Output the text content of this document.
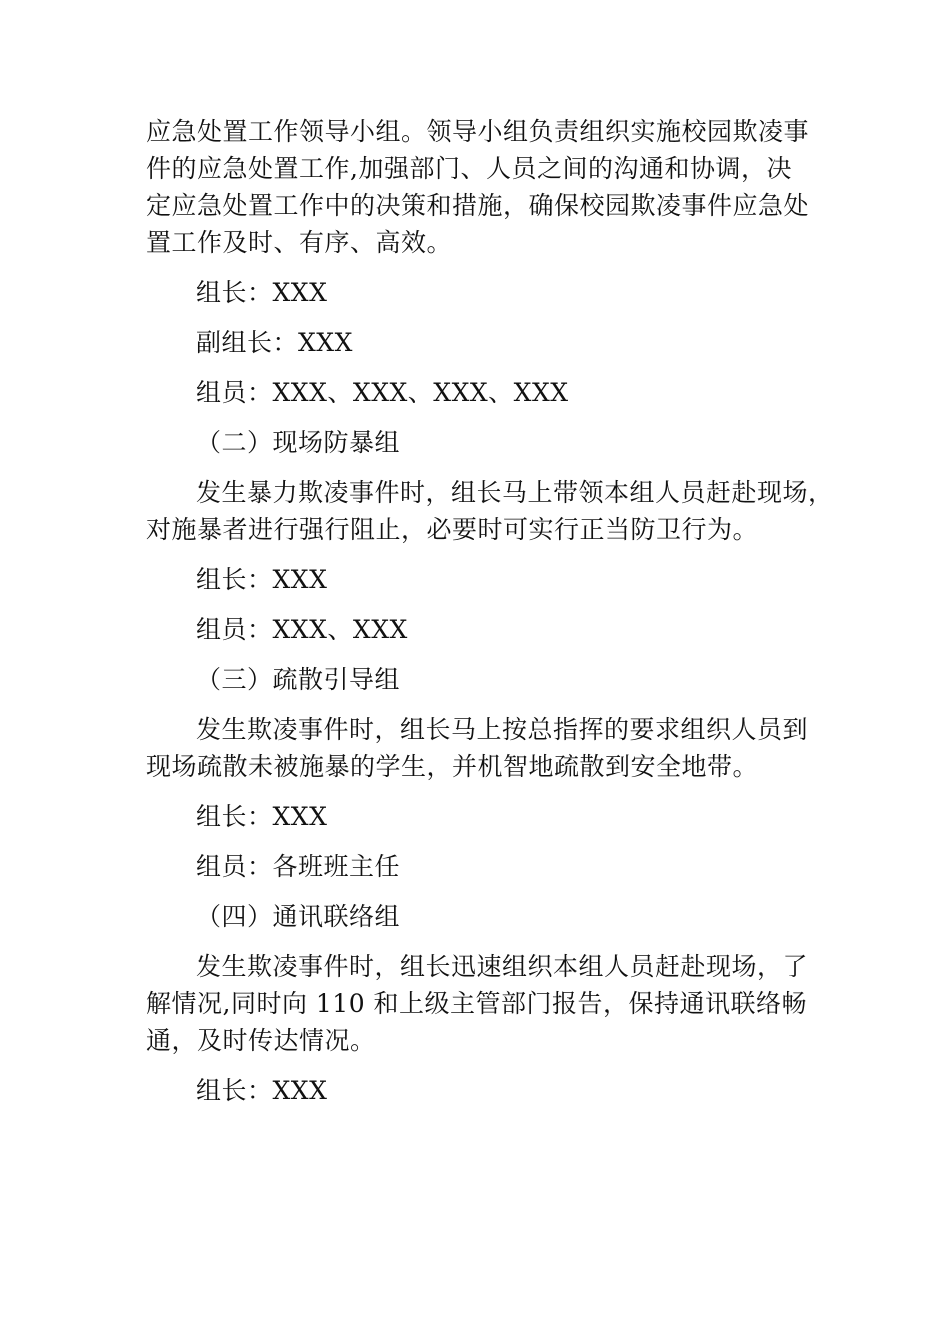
应急处置工作领导小组。领导小组负责组织实施校园欺凌事
件的应急处置工作,加强部门、人员之间的沟通和协调，决
定应急处置工作中的决策和措施，确保校园欺凌事件应急处
置工作及时、有序、高效。
组长：XXX
副组长：XXX
组员：XXX、XXX、XXX、XXX
（二）现场防暴组
发生暴力欺凌事件时，组长马上带领本组人员赶赴现场，
对施暴者进行强行阻止，必要时可实行正当防卫行为。
组长：XXX
组员：XXX、XXX
（三）疏散引导组
发生欺凌事件时，组长马上按总指挥的要求组织人员到
现场疏散未被施暴的学生，并机智地疏散到安全地带。
组长：XXX
组员：各班班主任
（四）通讯联络组
发生欺凌事件时，组长迅速组织本组人员赶赴现场，了
解情况,同时向 110 和上级主管部门报告，保持通讯联络畅
通，及时传达情况。
组长：XXX
